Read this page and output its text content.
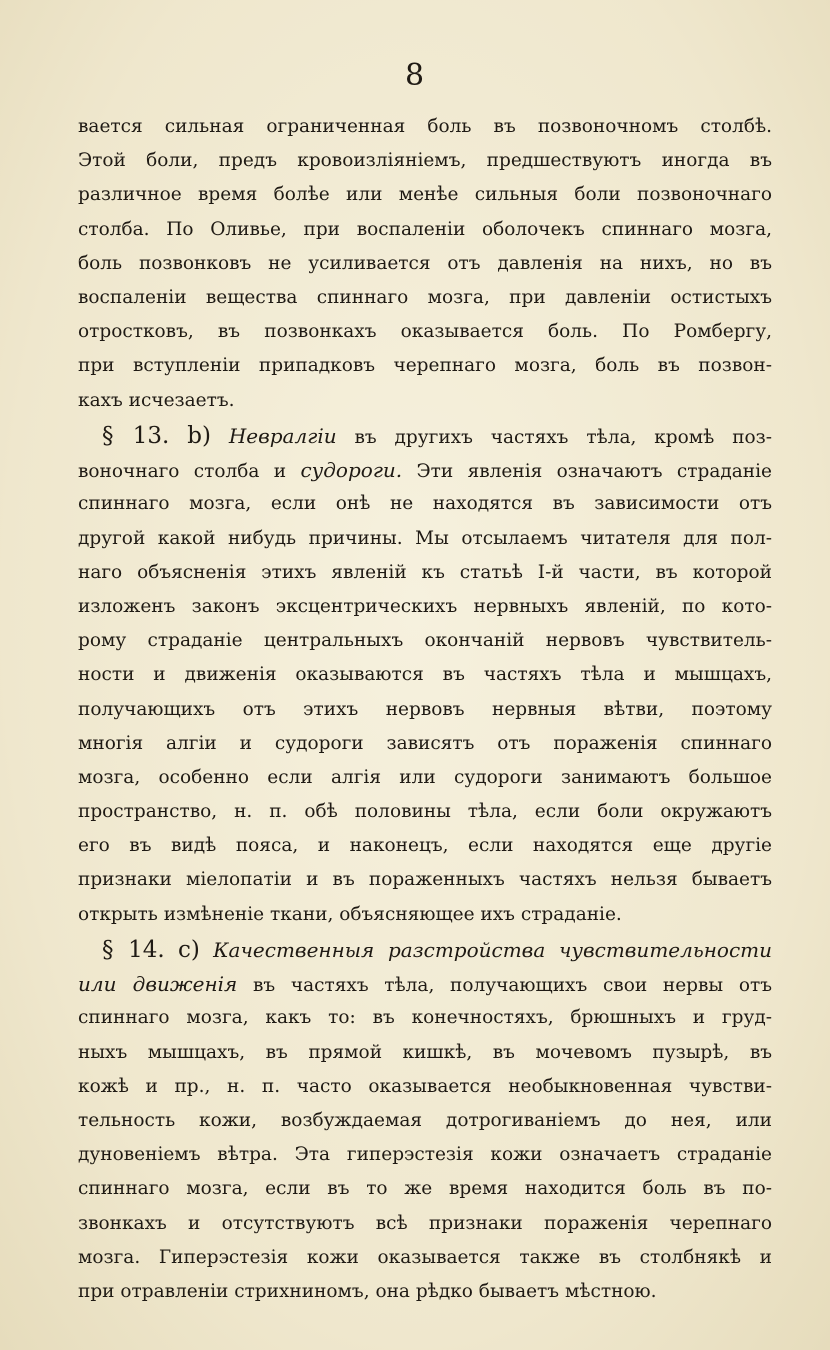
8
вается сильная ограниченная боль въ позвоночномъ столбѣ.
Этой боли, предъ кровоизліяніемъ, предшествуютъ иногда въ
различное время болѣе или менѣе сильныя боли позвоночнаго
столба. По Оливье, при воспаленіи оболочекъ спиннаго мозга,
боль позвонковъ не усиливается отъ давленія на нихъ, но въ
воспаленіи вещества спиннаго мозга, при давленіи остистыхъ
отростковъ, въ позвонкахъ оказывается боль. По Ромбергу,
при вступленіи припадковъ черепнаго мозга, боль въ позвон-
кахъ исчезаетъ.
§ 13. b) Невралгіи въ другихъ частяхъ тѣла, кромѣ поз-
воночнаго столба и судороги. Эти явленія означаютъ страданіе
спиннаго мозга, если онѣ не находятся въ зависимости отъ
другой какой нибудь причины. Мы отсылаемъ читателя для пол-
наго объясненія этихъ явленій къ статьѣ І-й части, въ которой
изложенъ законъ эксцентрическихъ нервныхъ явленій, по кото-
рому страданіе центральныхъ окончаній нервовъ чувствитель-
ности и движенія оказываются въ частяхъ тѣла и мышцахъ,
получающихъ отъ этихъ нервовъ нервныя вѣтви, поэтому
многія алгіи и судороги зависятъ отъ пораженія спиннаго
мозга, особенно если алгія или судороги занимаютъ большое
пространство, н. п. обѣ половины тѣла, если боли окружаютъ
его въ видѣ пояса, и наконецъ, если находятся еще другіе
признаки міелопатіи и въ пораженныхъ частяхъ нельзя бываетъ
открыть измѣненіе ткани, объясняющее ихъ страданіе.
§ 14. c) Качественныя разстройства чувствительности
или движенія въ частяхъ тѣла, получающихъ свои нервы отъ
спиннаго мозга, какъ то: въ конечностяхъ, брюшныхъ и груд-
ныхъ мышцахъ, въ прямой кишкѣ, въ мочевомъ пузырѣ, въ
кожѣ и пр., н. п. часто оказывается необыкновенная чувстви-
тельность кожи, возбуждаемая дотрогиваніемъ до нея, или
дуновеніемъ вѣтра. Эта гиперэстезія кожи означаетъ страданіе
спиннаго мозга, если въ то же время находится боль въ по-
звонкахъ и отсутствуютъ всѣ признаки пораженія черепнаго
мозга. Гиперэстезія кожи оказывается также въ столбнякѣ и
при отравленіи стрихниномъ, она рѣдко бываетъ мѣстною.
